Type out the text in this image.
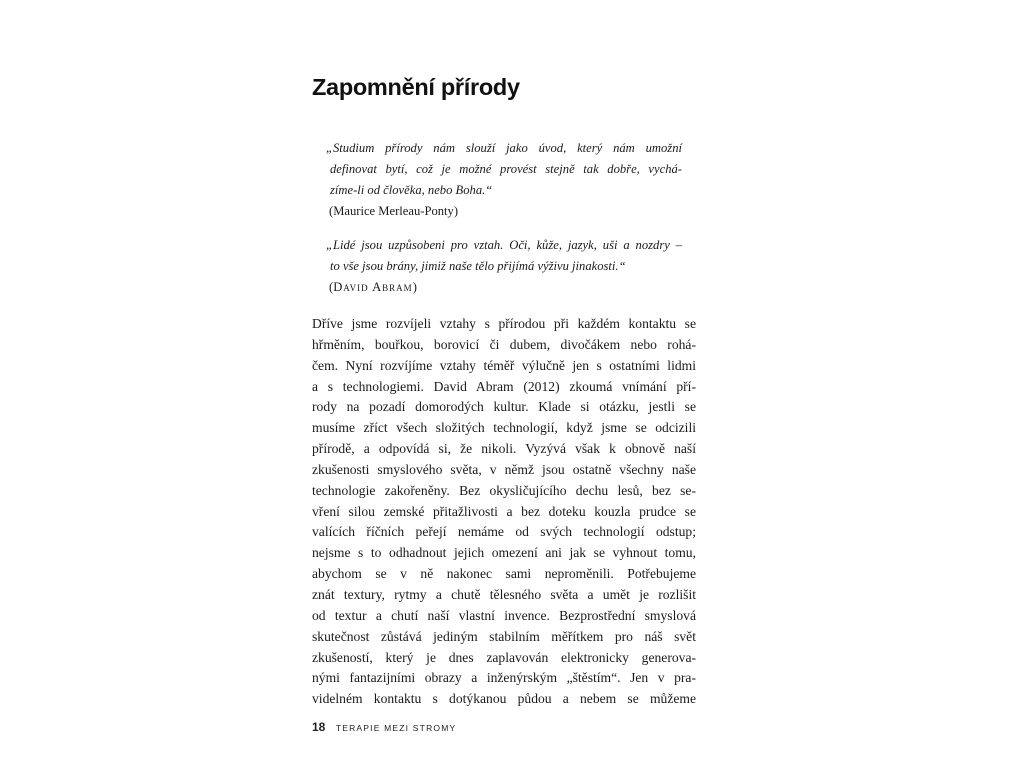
Zapomnění přírody
„Studium přírody nám slouží jako úvod, který nám umožní
definovat bytí, což je možné provést stejně tak dobře, vychá-
zíme-li od člověka, nebo Boha.“
(Maurice Merleau-Ponty)
„Lidé jsou uzpůsobeni pro vztah. Oči, kůže, jazyk, uši a nozdry –
to vše jsou brány, jimiž naše tělo přijímá výživu jinakosti.“
(David Abram)
Dříve jsme rozvíjeli vztahy s přírodou při každém kontaktu se
hřměním, bouřkou, borovicí či dubem, divočákem nebo rohá-
čem. Nyní rozvíjíme vztahy téměř výlučně jen s ostatními lidmi
a s technologiemi. David Abram (2012) zkoumá vnímání pří-
rody na pozadí domorodých kultur. Klade si otázku, jestli se
musíme zříct všech složitých technologií, když jsme se odcizili
přírodě, a odpovídá si, že nikoli. Vyzývá však k obnově naší
zkušenosti smyslového světa, v němž jsou ostatně všechny naše
technologie zakořeněny. Bez okysličujícího dechu lesů, bez se-
vření silou zemské přitažlivosti a bez doteku kouzla prudce se
valících říčních peřejí nemáme od svých technologií odstup;
nejsme s to odhadnout jejich omezení ani jak se vyhnout tomu,
abychom se v ně nakonec sami neproměnili. Potřebujeme
znát textury, rytmy a chutě tělesného světa a umět je rozlišit
od textur a chutí naší vlastní invence. Bezprostřední smyslová
skutečnost zůstává jediným stabilním měřítkem pro náš svět
zkušeností, který je dnes zaplavován elektronicky generova-
nými fantazijními obrazy a inženýrským „štěstím“. Jen v pra-
videlném kontaktu s dotýkanou půdou a nebem se můžeme
18 TERAPIE MEZI STROMY
